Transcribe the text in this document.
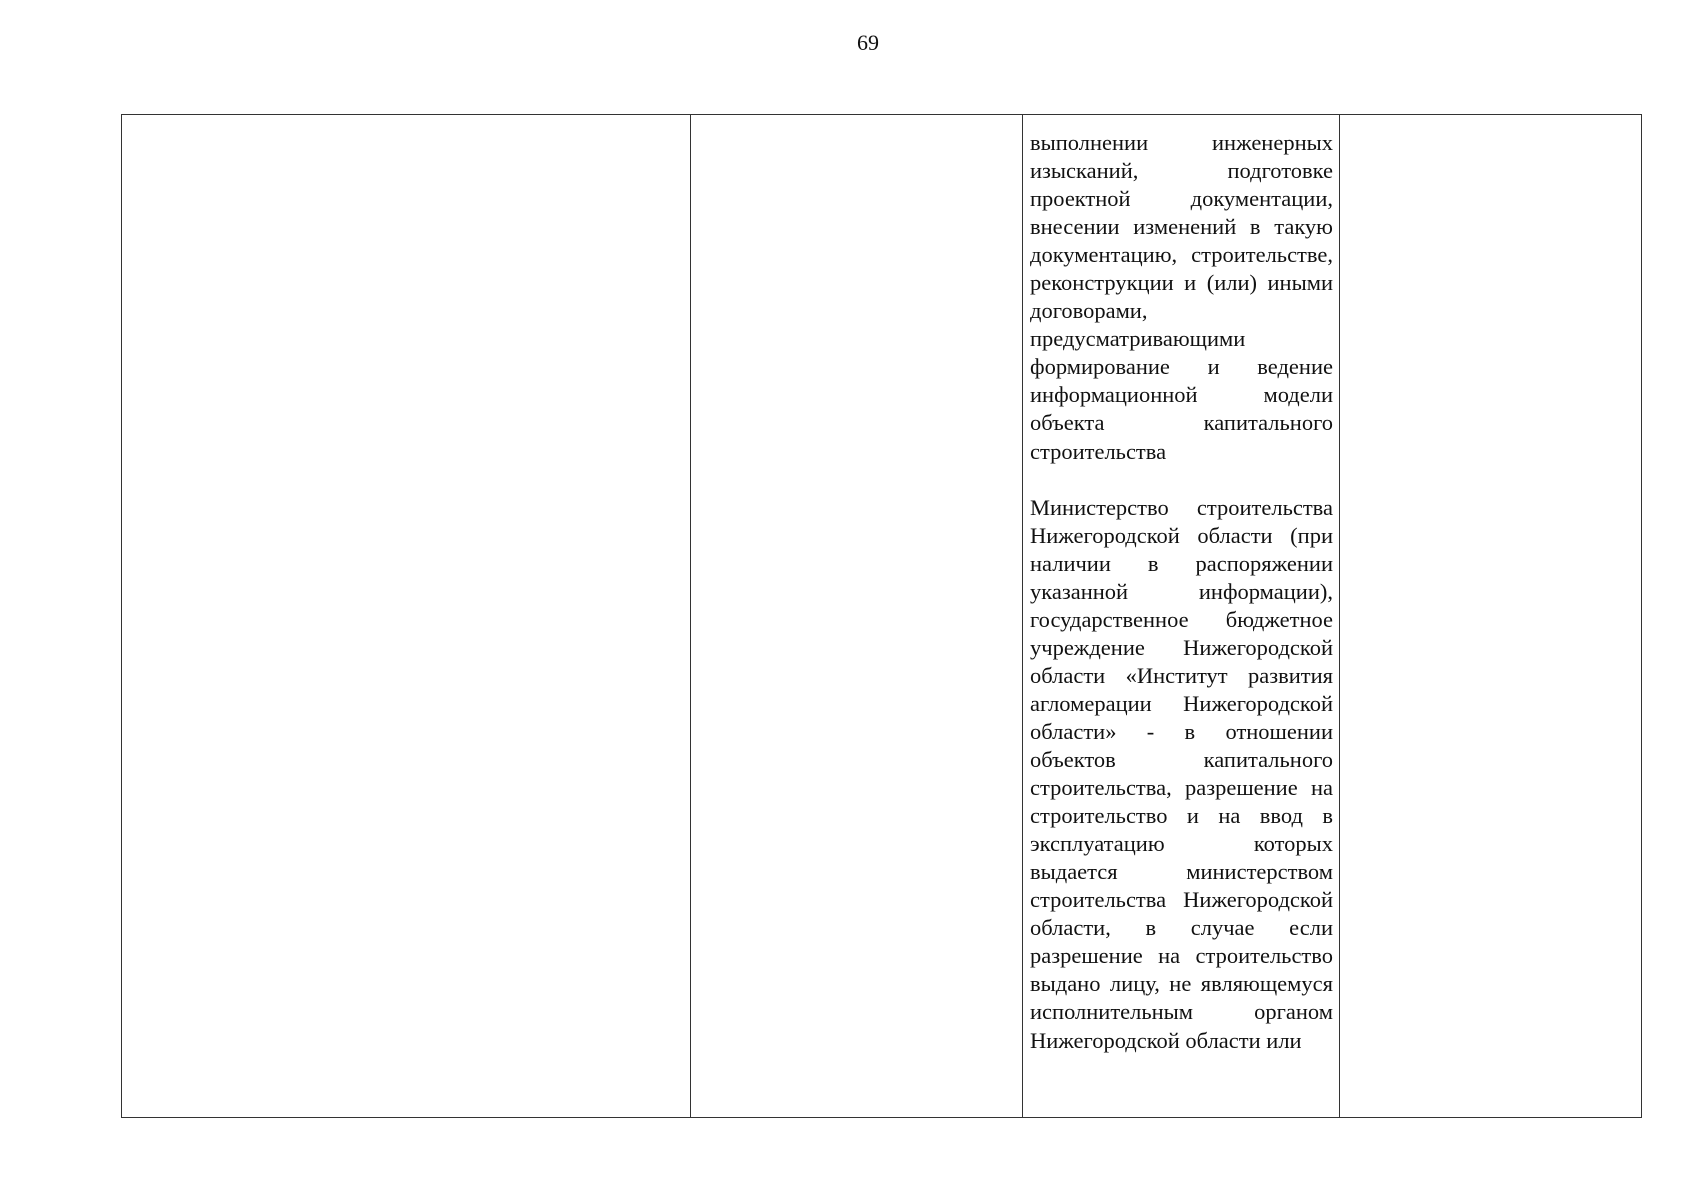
69

выполнении инженерных изысканий, подготовке проектной документации, внесении изменений в такую документацию, строительстве, реконструкции и (или) иными договорами, предусматривающими формирование и ведение информационной модели объекта капитального строительства

Министерство строительства Нижегородской области (при наличии в распоряжении указанной информации), государственное бюджетное учреждение Нижегородской области «Институт развития агломерации Нижегородской области» - в отношении объектов капитального строительства, разрешение на строительство и на ввод в эксплуатацию которых выдается министерством строительства Нижегородской области, в случае если разрешение на строительство выдано лицу, не являющемуся исполнительным органом Нижегородской области или
